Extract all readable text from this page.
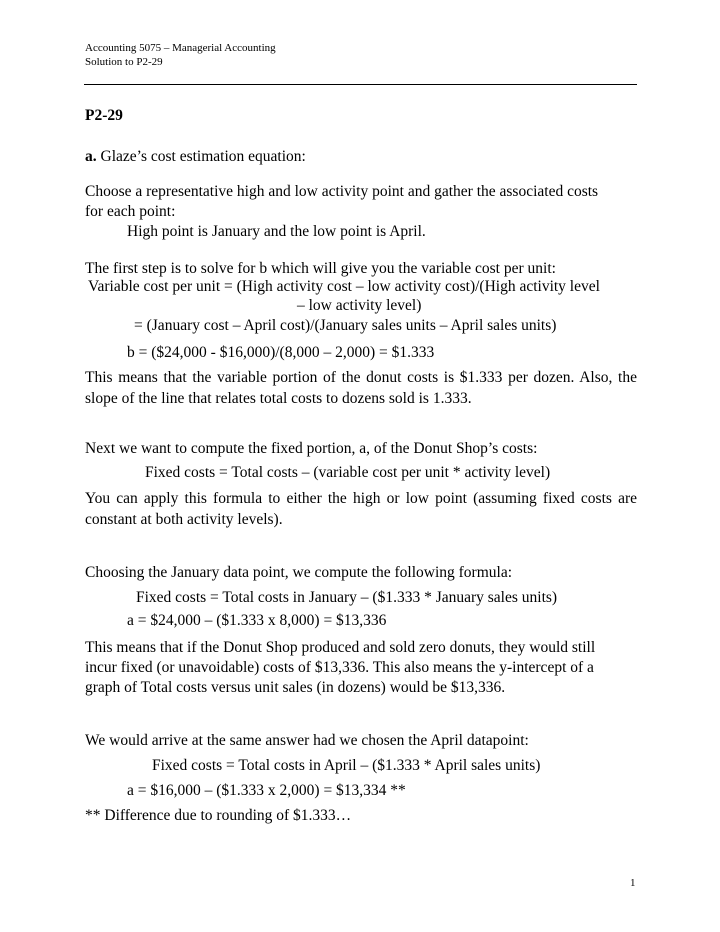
Accounting 5075 – Managerial Accounting
Solution to P2-29
P2-29
a. Glaze’s cost estimation equation:
Choose a representative high and low activity point and gather the associated costs
for each point:
High point is January and the low point is April.
The first step is to solve for b which will give you the variable cost per unit:
Variable cost per unit = (High activity cost – low activity cost)/(High activity level
– low activity level)
= (January cost – April cost)/(January sales units – April sales units)
b = ($24,000 - $16,000)/(8,000 – 2,000) = $1.333
This means that the variable portion of the donut costs is $1.333 per dozen. Also, the slope of the line that relates total costs to dozens sold is 1.333.
Next we want to compute the fixed portion, a, of the Donut Shop’s costs:
Fixed costs = Total costs – (variable cost per unit * activity level)
You can apply this formula to either the high or low point (assuming fixed costs are constant at both activity levels).
Choosing the January data point, we compute the following formula:
Fixed costs = Total costs in January – ($1.333 * January sales units)
a = $24,000 – ($1.333 x 8,000) = $13,336
This means that if the Donut Shop produced and sold zero donuts, they would still
incur fixed (or unavoidable) costs of $13,336. This also means the y-intercept of a
graph of Total costs versus unit sales (in dozens) would be $13,336.
We would arrive at the same answer had we chosen the April datapoint:
Fixed costs = Total costs in April – ($1.333 * April sales units)
a = $16,000 – ($1.333 x 2,000) = $13,334 **
** Difference due to rounding of $1.333…
1
